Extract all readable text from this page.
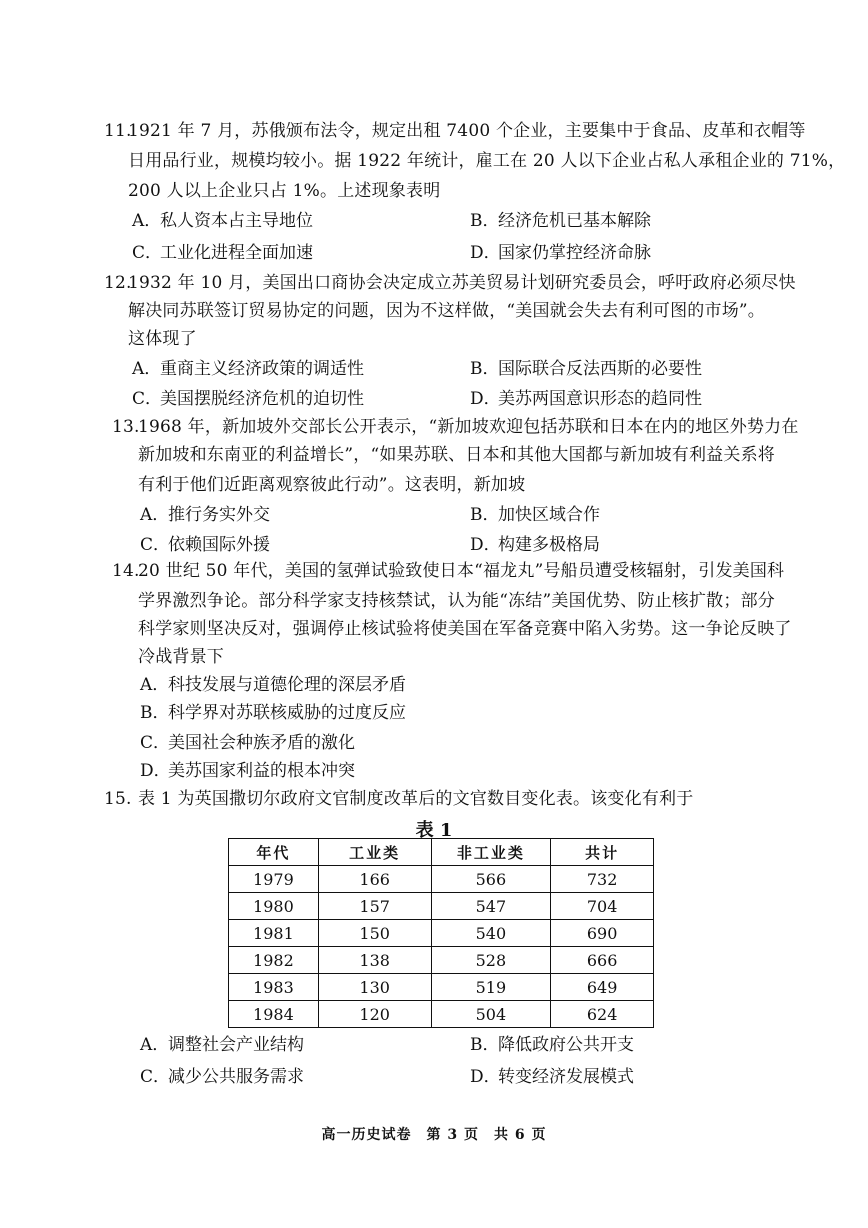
11.
1921 年 7 月，苏俄颁布法令，规定出租 7400 个企业，主要集中于食品、皮革和衣帽等
日用品行业，规模均较小。据 1922 年统计，雇工在 20 人以下企业占私人承租企业的 71%，
200 人以上企业只占 1%。上述现象表明
A．私人资本占主导地位	B．经济危机已基本解除
C．工业化进程全面加速	D．国家仍掌控经济命脉
12.
1932 年 10 月，美国出口商协会决定成立苏美贸易计划研究委员会，呼吁政府必须尽快
解决同苏联签订贸易协定的问题，因为不这样做，“美国就会失去有利可图的市场”。
这体现了
A．重商主义经济政策的调适性	B．国际联合反法西斯的必要性
C．美国摆脱经济危机的迫切性	D．美苏两国意识形态的趋同性
13.
1968 年，新加坡外交部长公开表示，“新加坡欢迎包括苏联和日本在内的地区外势力在
新加坡和东南亚的利益增长”，“如果苏联、日本和其他大国都与新加坡有利益关系将
有利于他们近距离观察彼此行动”。这表明，新加坡
A．推行务实外交	B．加快区域合作
C．依赖国际外援	D．构建多极格局
14.
20 世纪 50 年代，美国的氢弹试验致使日本“福龙丸”号船员遭受核辐射，引发美国科
学界激烈争论。部分科学家支持核禁试，认为能“冻结”美国优势、防止核扩散；部分
科学家则坚决反对，强调停止核试验将使美国在军备竞赛中陷入劣势。这一争论反映了
冷战背景下
A．科技发展与道德伦理的深层矛盾
B．科学界对苏联核威胁的过度反应
C．美国社会种族矛盾的激化
D．美苏国家利益的根本冲突
15. 表 1 为英国撒切尔政府文官制度改革后的文官数目变化表。该变化有利于
表 1
年代	工业类	非工业类	共计
1979	166	566	732
1980	157	547	704
1981	150	540	690
1982	138	528	666
1983	130	519	649
1984	120	504	624
A．调整社会产业结构	B．降低政府公共开支
C．减少公共服务需求	D．转变经济发展模式
高一历史试卷　第 3 页　共 6 页
